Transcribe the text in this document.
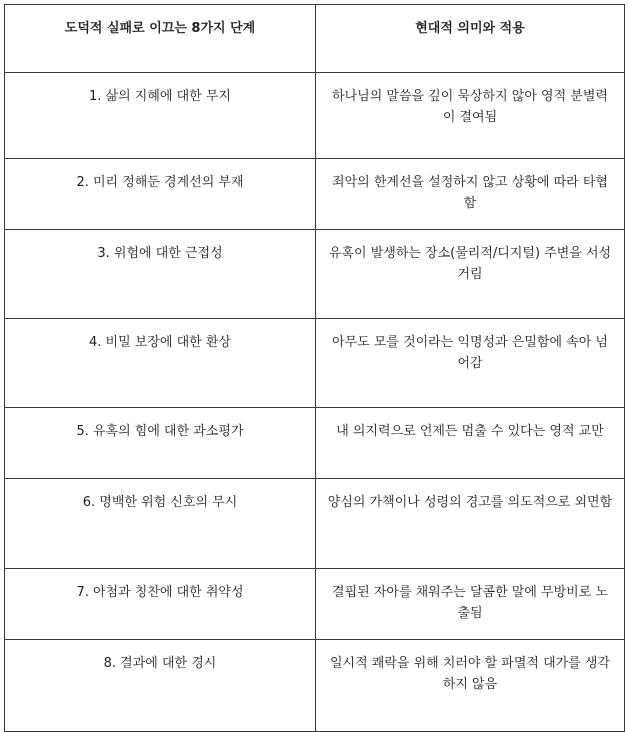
도덕적 실패로 이끄는 8가지 단계	현대적 의미와 적용
1. 삶의 지혜에 대한 무지	하나님의 말씀을 깊이 묵상하지 않아 영적 분별력이 결여됨
2. 미리 정해둔 경계선의 부재	죄악의 한계선을 설정하지 않고 상황에 따라 타협함
3. 위험에 대한 근접성	유혹이 발생하는 장소(물리적/디지털) 주변을 서성거림
4. 비밀 보장에 대한 환상	아무도 모를 것이라는 익명성과 은밀함에 속아 넘어감
5. 유혹의 힘에 대한 과소평가	내 의지력으로 언제든 멈출 수 있다는 영적 교만
6. 명백한 위험 신호의 무시	양심의 가책이나 성령의 경고를 의도적으로 외면함
7. 아첨과 칭찬에 대한 취약성	결핍된 자아를 채워주는 달콤한 말에 무방비로 노출됨
8. 결과에 대한 경시	일시적 쾌락을 위해 치러야 할 파멸적 대가를 생각하지 않음
